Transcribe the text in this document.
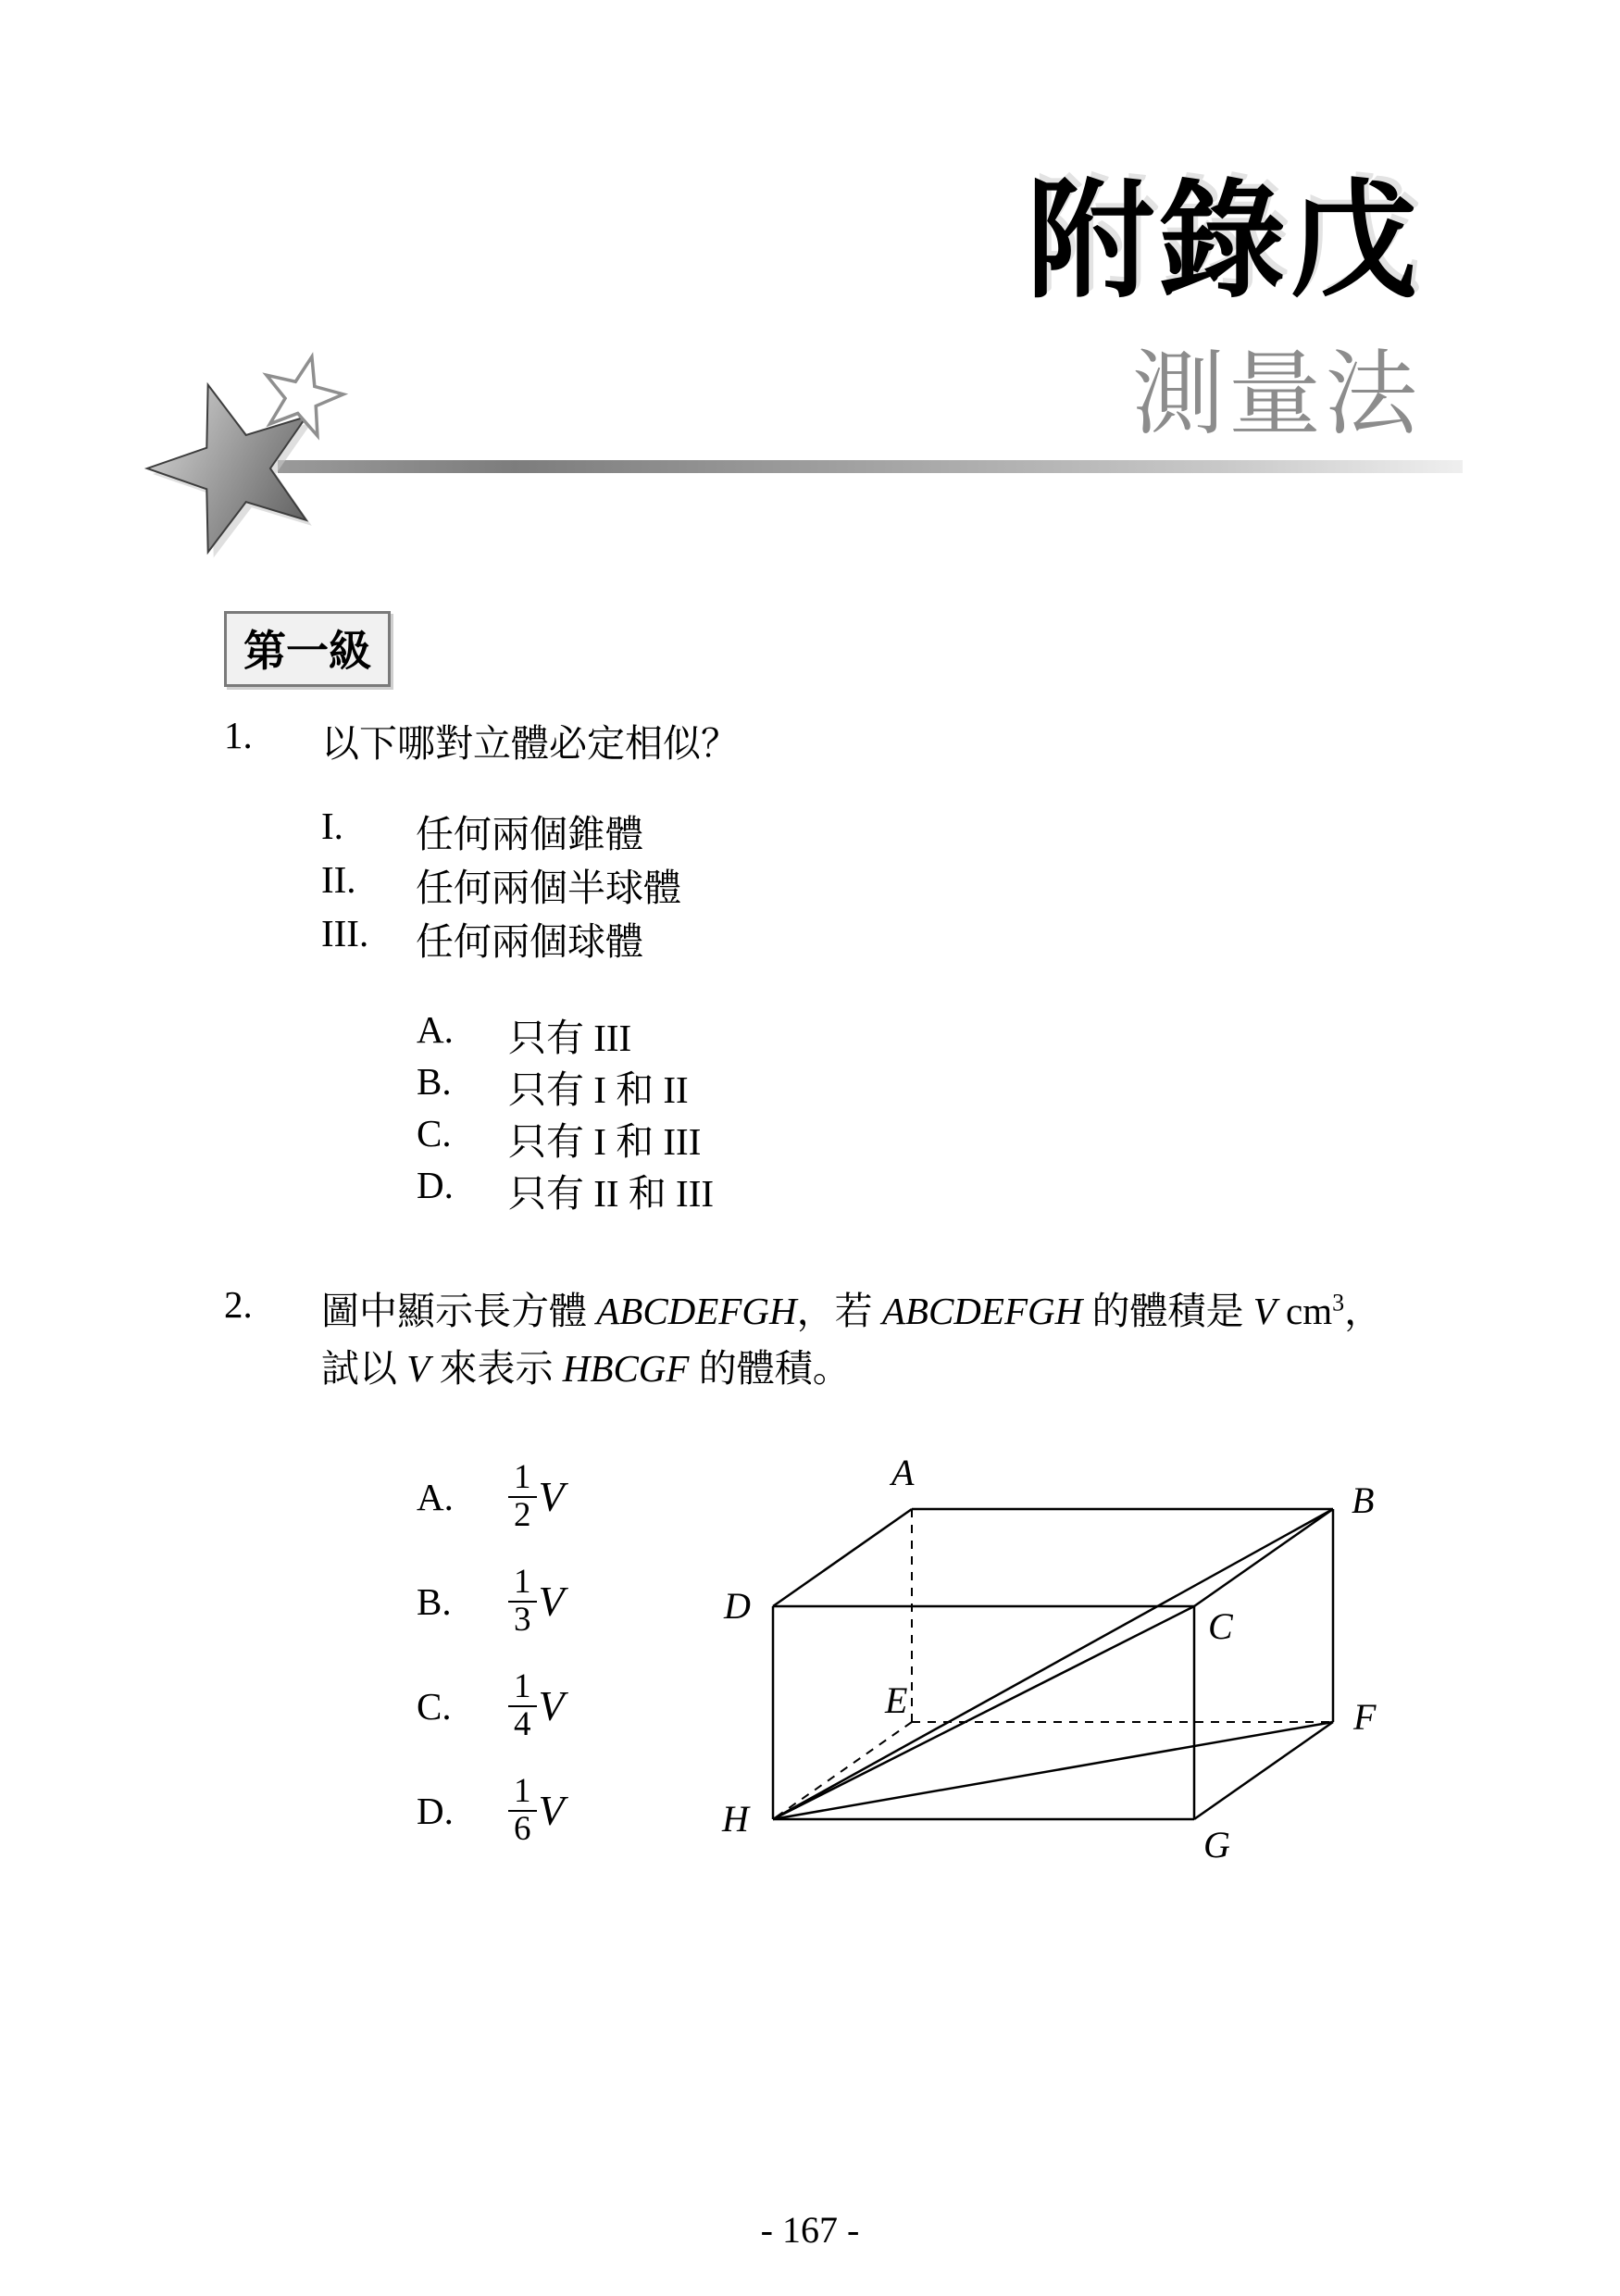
附錄戊
測量法
第一級
1.	以下哪對立體必定相似？
I.	任何兩個錐體
II.	任何兩個半球體
III.	任何兩個球體
A.	只有 III
B.	只有 I 和 II
C.	只有 I 和 III
D.	只有 II 和 III
2.	圖中顯示長方體 ABCDEFGH，若 ABCDEFGH 的體積是 V $cm^3$，
試以 V 來表示 HBCGF 的體積。
A.	$\frac{1}{2}$ V
B.	$\frac{1}{3}$ V
C.	$\frac{1}{4}$ V
D.	$\frac{1}{6}$ V
A
B
C
D
E	F
G
H
- 167 -
